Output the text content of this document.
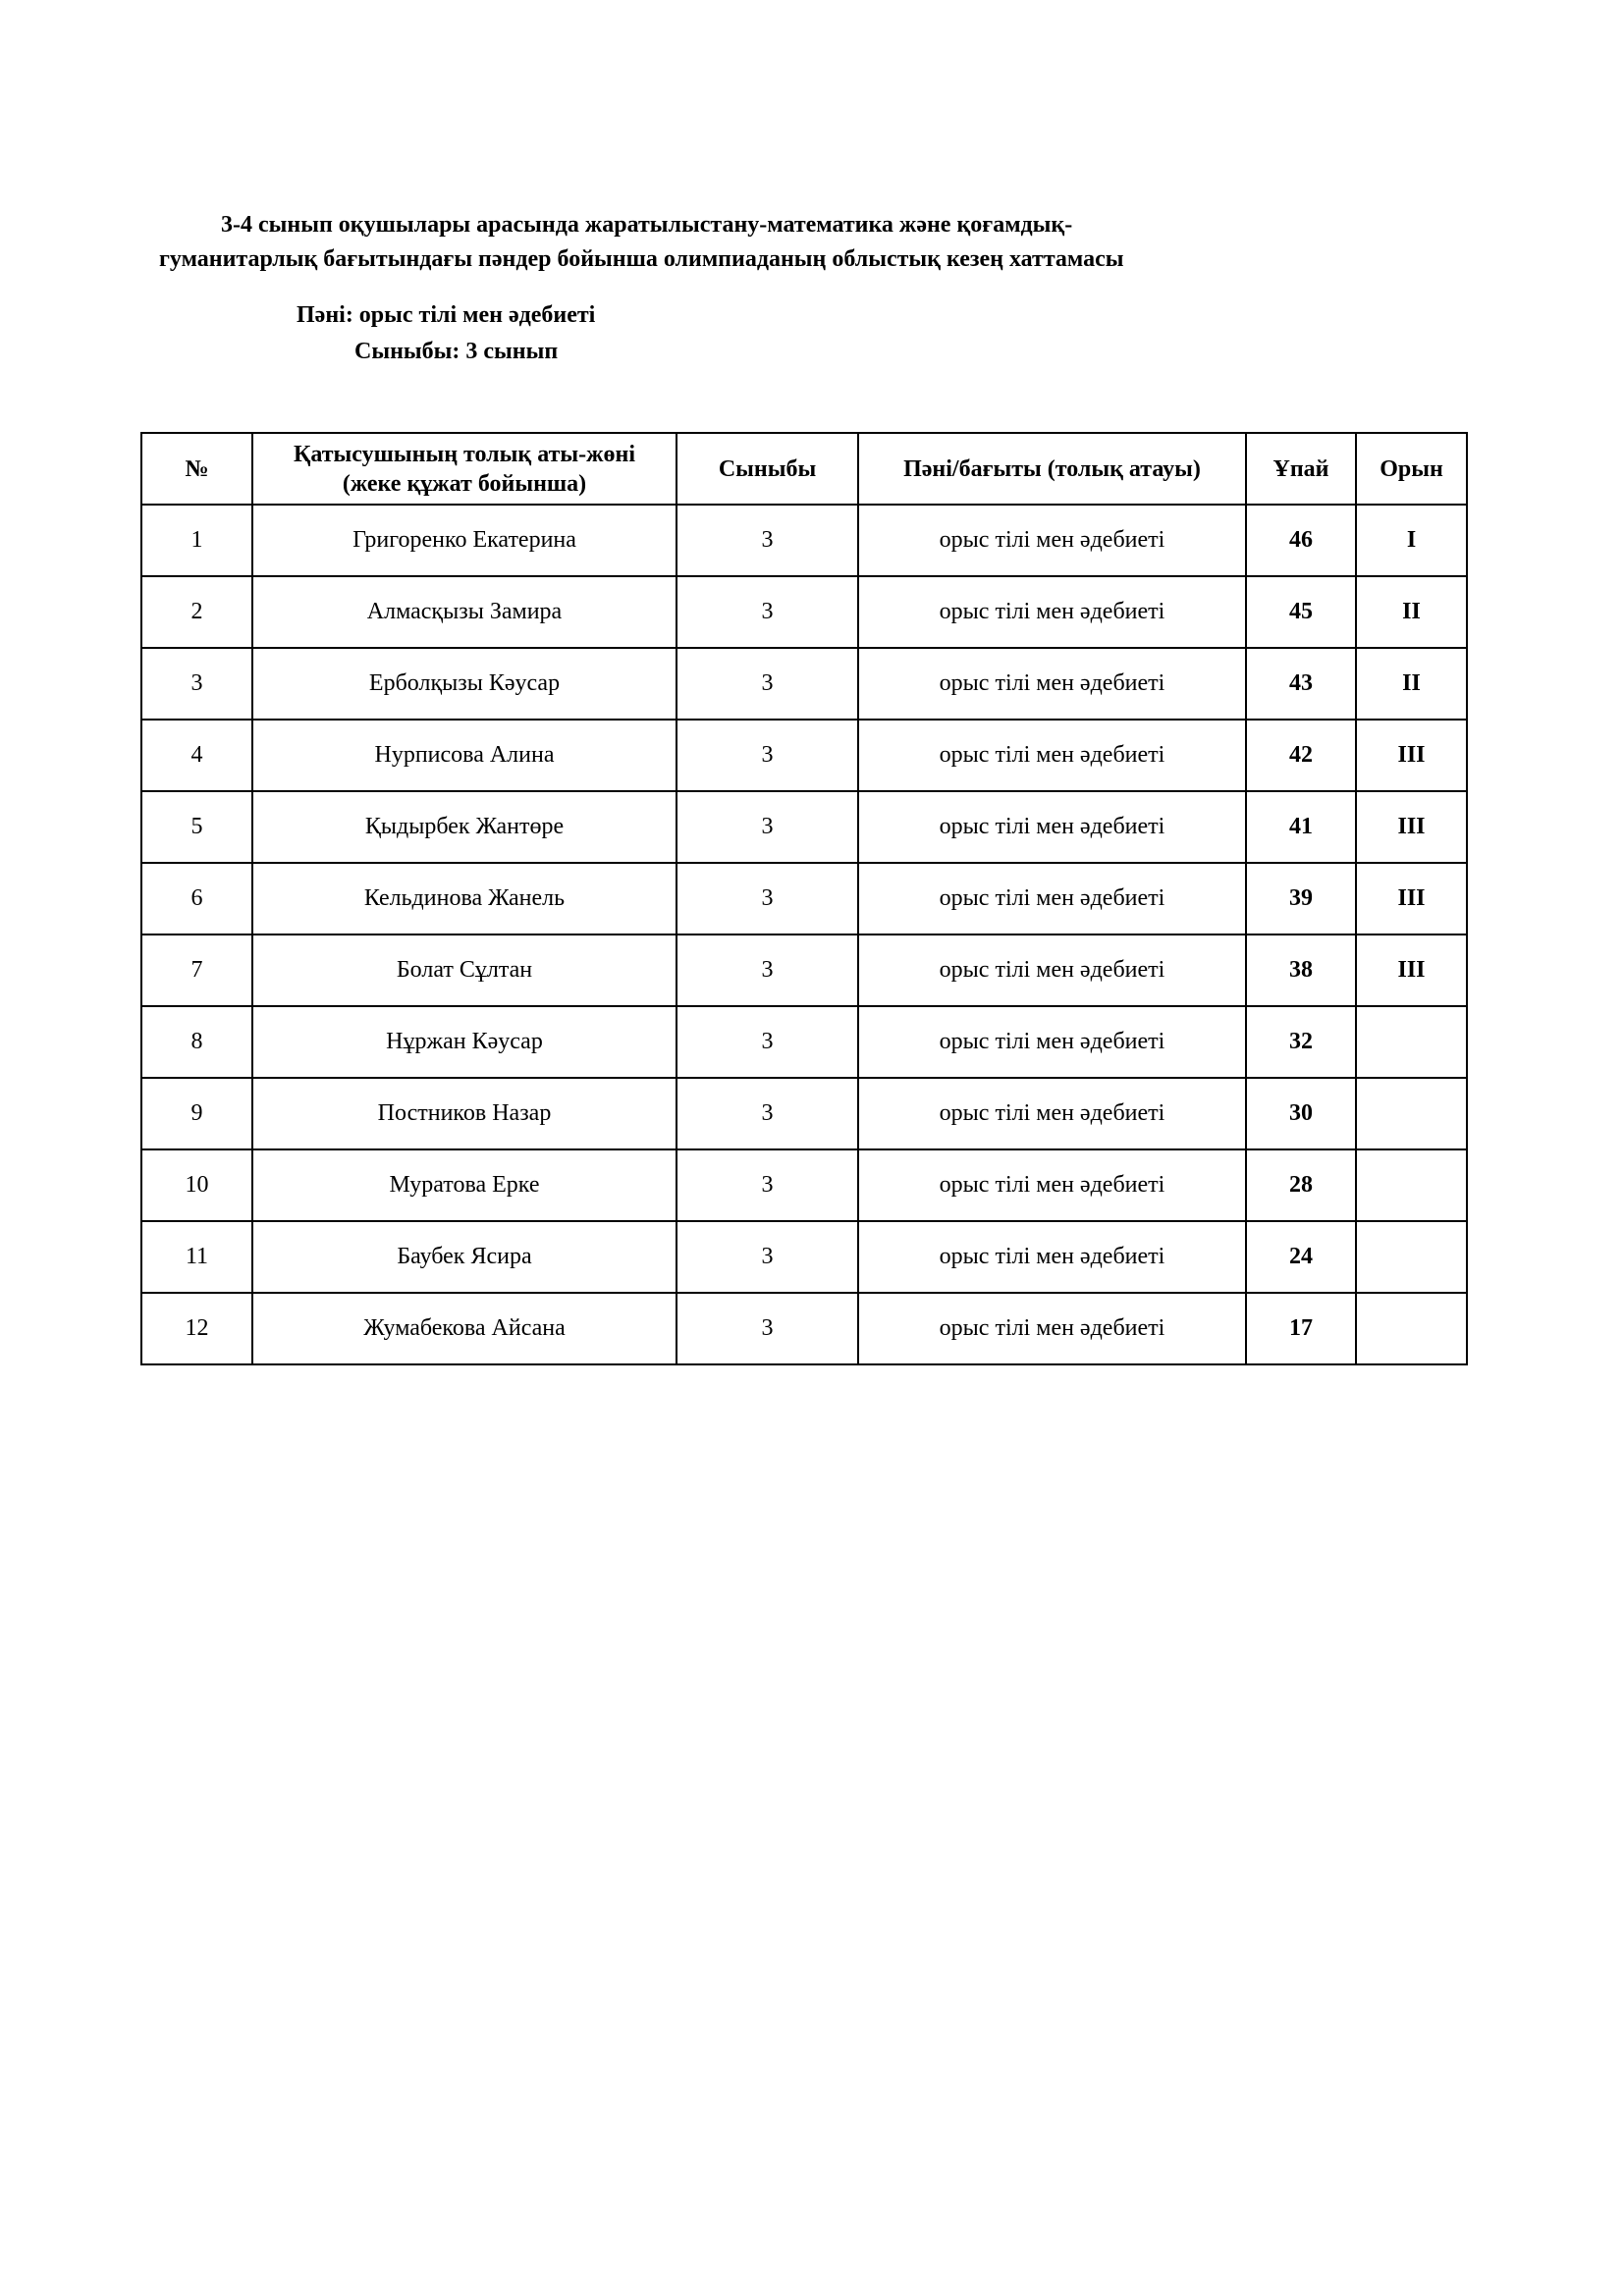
3-4 сынып оқушылары арасында жаратылыстану-математика және қоғамдық-
гуманитарлық бағытындағы пәндер бойынша олимпиаданың облыстық кезең хаттамасы
Пәні: орыс тілі мен әдебиеті
Сыныбы: 3 сынып
№	Қатысушының толық аты-жөні
(жеке құжат бойынша)	Сыныбы	Пәні/бағыты (толық атауы)	Ұпай	Орын
1	Григоренко Екатерина	3	орыс тілі мен әдебиеті	46	I
2	Алмасқызы Замира	3	орыс тілі мен әдебиеті	45	II
3	Ерболқызы Кәусар	3	орыс тілі мен әдебиеті	43	II
4	Нурписова Алина	3	орыс тілі мен әдебиеті	42	III
5	Қыдырбек Жантөре	3	орыс тілі мен әдебиеті	41	III
6	Кельдинова Жанель	3	орыс тілі мен әдебиеті	39	III
7	Болат Сұлтан	3	орыс тілі мен әдебиеті	38	III
8	Нұржан Кәусар	3	орыс тілі мен әдебиеті	32	
9	Постников Назар	3	орыс тілі мен әдебиеті	30	
10	Муратова Ерке	3	орыс тілі мен әдебиеті	28	
11	Баубек Ясира	3	орыс тілі мен әдебиеті	24	
12	Жумабекова Айсана	3	орыс тілі мен әдебиеті	17	
